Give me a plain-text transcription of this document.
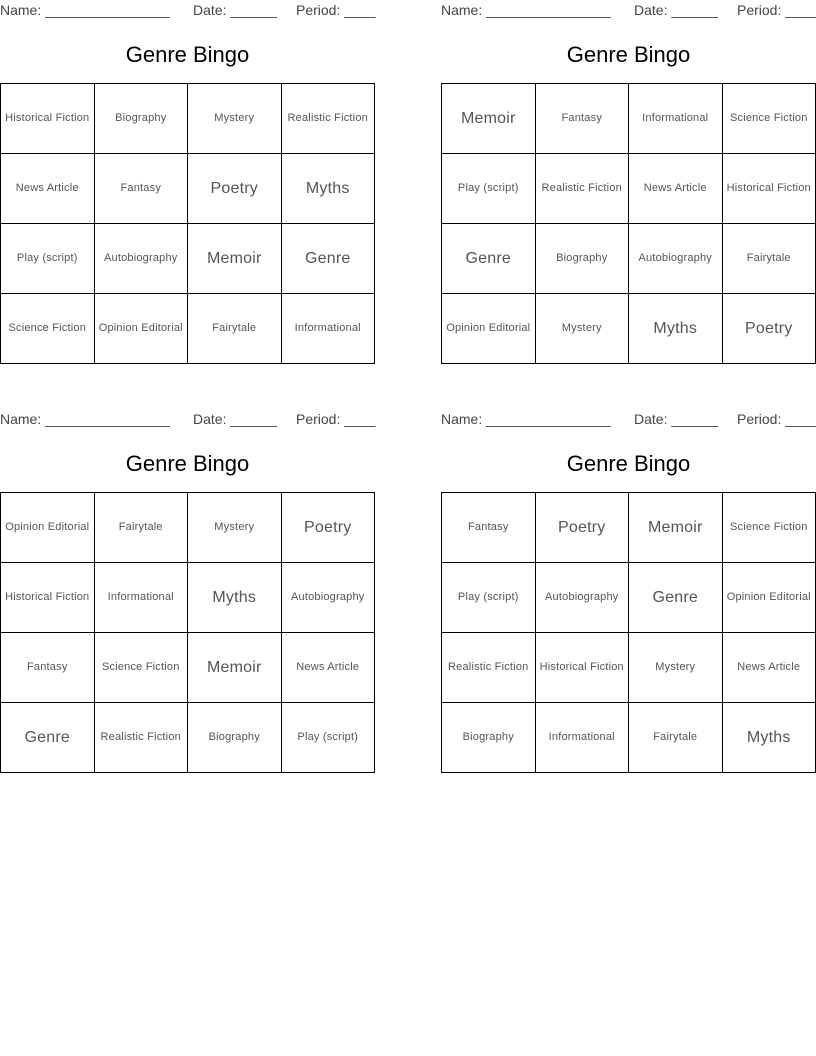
Name: ________________

Date: ______

Period: ____

Genre Bingo
Historical Fiction	Biography	Mystery	Realistic Fiction
News Article	Fantasy	Poetry	Myths
Play (script)	Autobiography	Memoir	Genre
Science Fiction	Opinion Editorial	Fairytale	Informational

Name: ________________

Date: ______

Period: ____

Genre Bingo
Memoir	Fantasy	Informational	Science Fiction
Play (script)	Realistic Fiction	News Article	Historical Fiction
Genre	Biography	Autobiography	Fairytale
Opinion Editorial	Mystery	Myths	Poetry

Name: ________________

Date: ______

Period: ____

Genre Bingo
Opinion Editorial	Fairytale	Mystery	Poetry
Historical Fiction	Informational	Myths	Autobiography
Fantasy	Science Fiction	Memoir	News Article
Genre	Realistic Fiction	Biography	Play (script)

Name: ________________

Date: ______

Period: ____

Genre Bingo
Fantasy	Poetry	Memoir	Science Fiction
Play (script)	Autobiography	Genre	Opinion Editorial
Realistic Fiction	Historical Fiction	Mystery	News Article
Biography	Informational	Fairytale	Myths
